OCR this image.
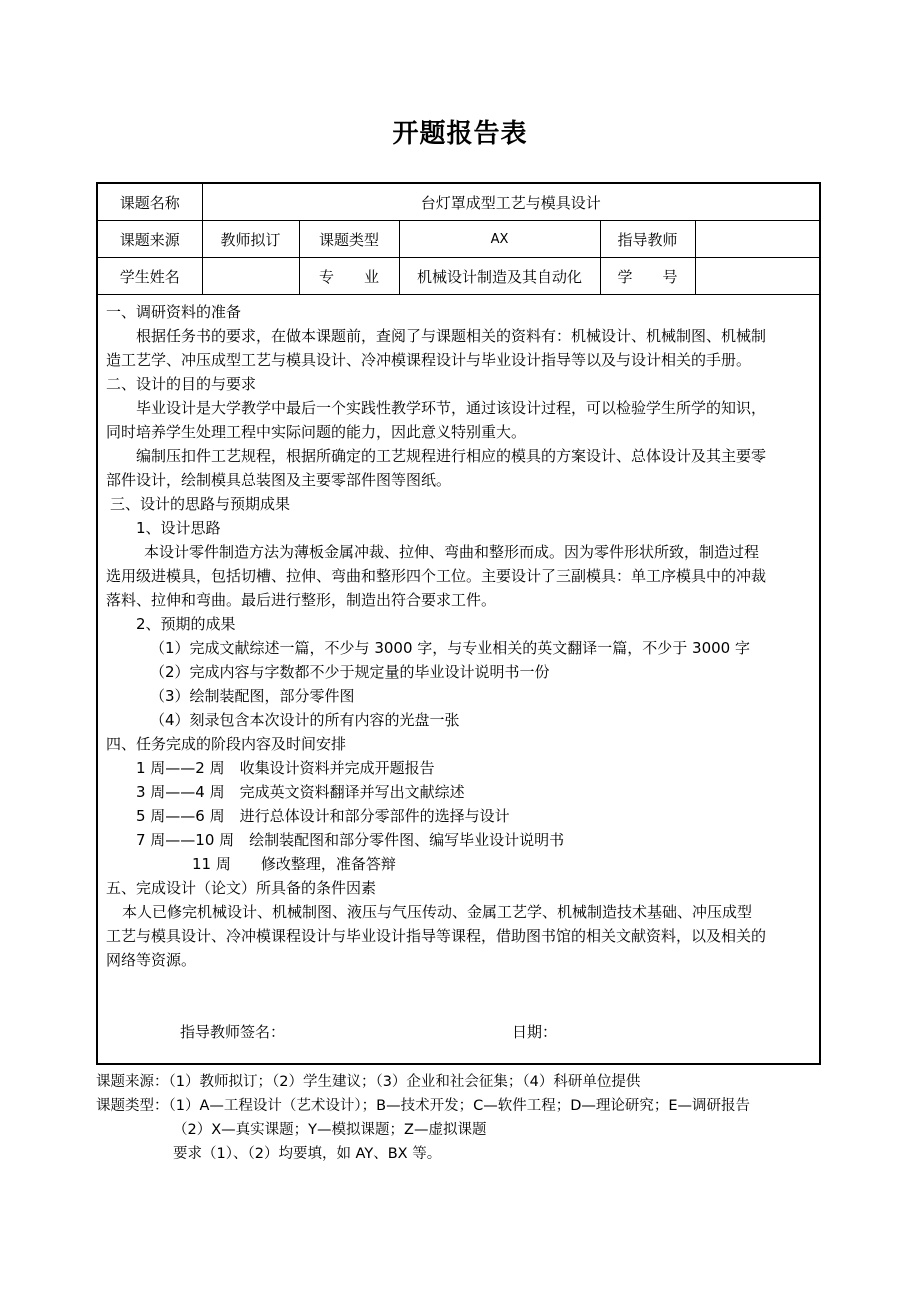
开题报告表
课题名称	台灯罩成型工艺与模具设计				
课题来源	教师拟订	课题类型	AX	指导教师	
学生姓名		专　　业	机械设计制造及其自动化	学　　号	
一、调研资料的准备
根据任务书的要求，在做本课题前，查阅了与课题相关的资料有：机械设计、机械制图、机械制
造工艺学、冲压成型工艺与模具设计、冷冲模课程设计与毕业设计指导等以及与设计相关的手册。
二、设计的目的与要求
毕业设计是大学教学中最后一个实践性教学环节，通过该设计过程，可以检验学生所学的知识，
同时培养学生处理工程中实际问题的能力，因此意义特别重大。
编制压扣件工艺规程，根据所确定的工艺规程进行相应的模具的方案设计、总体设计及其主要零
部件设计，绘制模具总装图及主要零部件图等图纸。
三、设计的思路与预期成果
1、设计思路
本设计零件制造方法为薄板金属冲裁、拉伸、弯曲和整形而成。因为零件形状所致，制造过程
选用级进模具，包括切槽、拉伸、弯曲和整形四个工位。主要设计了三副模具：单工序模具中的冲裁
落料、拉伸和弯曲。最后进行整形，制造出符合要求工件。
2、预期的成果
（1）完成文献综述一篇，不少与 3000 字，与专业相关的英文翻译一篇，不少于 3000 字
（2）完成内容与字数都不少于规定量的毕业设计说明书一份
（3）绘制装配图，部分零件图
（4）刻录包含本次设计的所有内容的光盘一张
四、任务完成的阶段内容及时间安排
1 周——2 周　收集设计资料并完成开题报告
3 周——4 周　完成英文资料翻译并写出文献综述
5 周——6 周　进行总体设计和部分零部件的选择与设计
7 周——10 周　绘制装配图和部分零件图、编写毕业设计说明书
11 周　　修改整理，准备答辩
五、完成设计（论文）所具备的条件因素
本人已修完机械设计、机械制图、液压与气压传动、金属工艺学、机械制造技术基础、冲压成型
工艺与模具设计、冷冲模课程设计与毕业设计指导等课程，借助图书馆的相关文献资料，以及相关的
网络等资源。
指导教师签名：	日期：
课题来源：（1）教师拟订；（2）学生建议；（3）企业和社会征集；（4）科研单位提供
课题类型：（1）A—工程设计（艺术设计）；B—技术开发；C—软件工程；D—理论研究；E—调研报告
（2）X—真实课题；Y—模拟课题；Z—虚拟课题
要求（1）、（2）均要填，如 AY、BX 等。
